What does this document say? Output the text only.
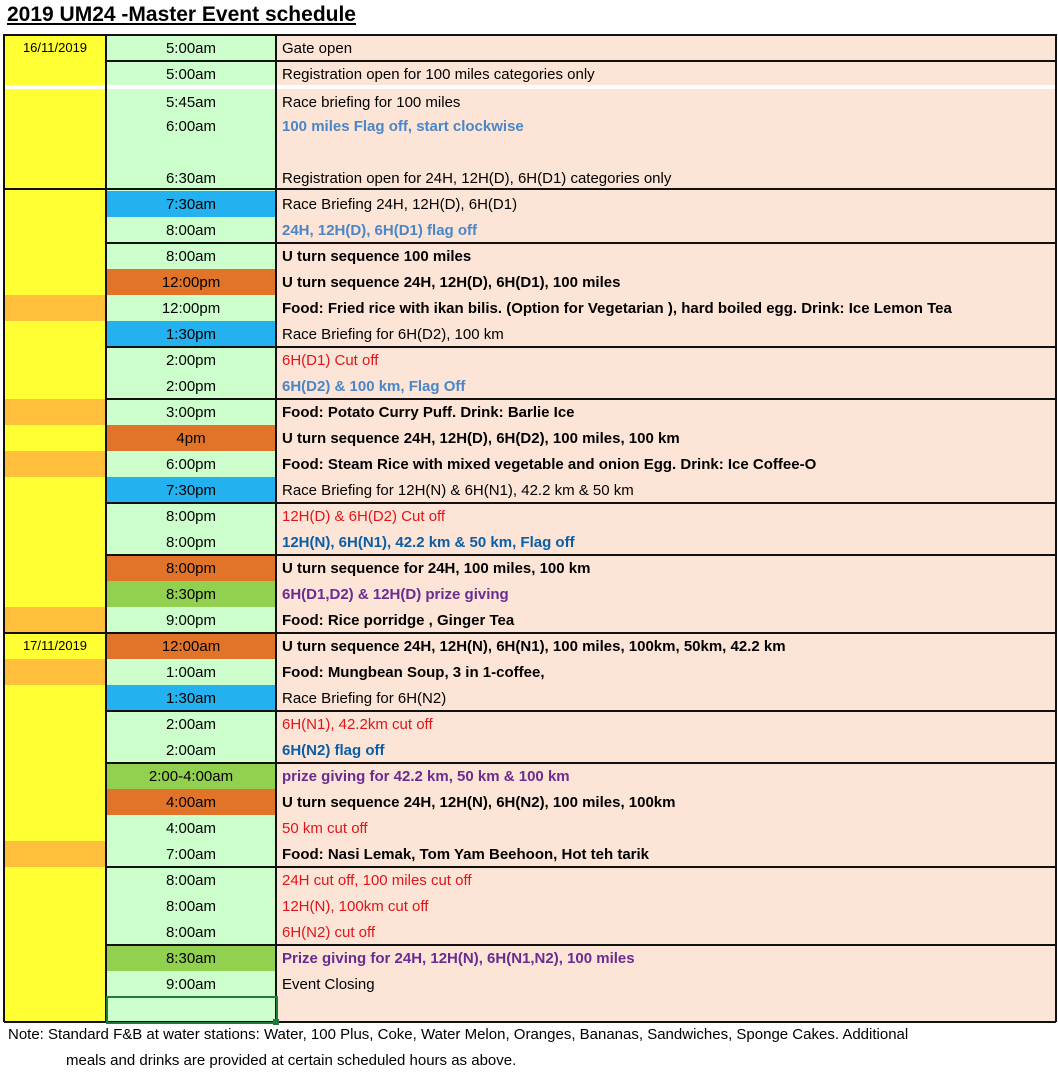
2019 UM24 -Master Event schedule
16/11/2019	5:00am	Gate open
5:00am	Registration open for 100 miles categories only
5:45am	Race briefing for 100 miles
6:00am	100 miles Flag off, start clockwise
6:30am	Registration open for 24H, 12H(D), 6H(D1) categories only
7:30am	Race Briefing 24H, 12H(D), 6H(D1)
8:00am	24H, 12H(D), 6H(D1) flag off
8:00am	U turn sequence 100 miles
12:00pm	U turn sequence 24H, 12H(D), 6H(D1), 100 miles
12:00pm	Food: Fried rice with ikan bilis. (Option for Vegetarian ), hard boiled egg. Drink: Ice Lemon Tea
1:30pm	Race Briefing for 6H(D2), 100 km
2:00pm	6H(D1) Cut off
2:00pm	6H(D2) & 100 km, Flag Off
3:00pm	Food: Potato Curry Puff. Drink: Barlie Ice
4pm	U turn sequence 24H, 12H(D), 6H(D2), 100 miles, 100 km
6:00pm	Food: Steam Rice with mixed vegetable and onion Egg. Drink: Ice Coffee-O
7:30pm	Race Briefing for 12H(N) & 6H(N1), 42.2 km & 50 km
8:00pm	12H(D) & 6H(D2) Cut off
8:00pm	12H(N), 6H(N1), 42.2 km & 50 km, Flag off
8:00pm	U turn sequence for 24H, 100 miles, 100 km
8:30pm	6H(D1,D2) & 12H(D) prize giving
9:00pm	Food: Rice porridge , Ginger Tea
17/11/2019	12:00am	U turn sequence 24H, 12H(N), 6H(N1), 100 miles, 100km, 50km, 42.2 km
1:00am	Food: Mungbean Soup, 3 in 1-coffee,
1:30am	Race Briefing for 6H(N2)
2:00am	6H(N1), 42.2km cut off
2:00am	6H(N2) flag off
2:00-4:00am	prize giving for 42.2 km, 50 km & 100 km
4:00am	U turn sequence 24H, 12H(N), 6H(N2), 100 miles, 100km
4:00am	50 km cut off
7:00am	Food: Nasi Lemak, Tom Yam Beehoon, Hot teh tarik
8:00am	24H cut off, 100 miles cut off
8:00am	12H(N), 100km cut off
8:00am	6H(N2) cut off
8:30am	Prize giving for 24H, 12H(N), 6H(N1,N2), 100 miles
9:00am	Event Closing
Note: Standard F&B at water stations: Water, 100 Plus, Coke, Water Melon, Oranges, Bananas, Sandwiches, Sponge Cakes. Additional
meals and drinks are provided at certain scheduled hours as above.
